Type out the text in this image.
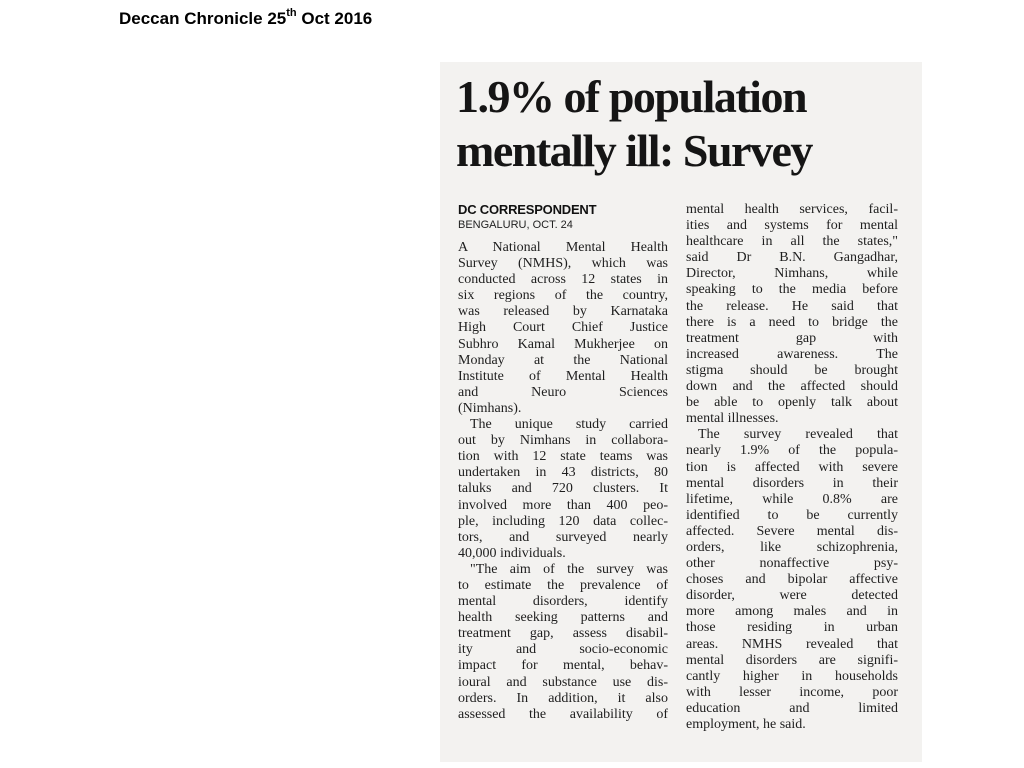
Deccan Chronicle 25th Oct 2016
1.9% of population
mentally ill: Survey
DC CORRESPONDENT
BENGALURU, OCT. 24
A National Mental Health
Survey (NMHS), which was
conducted across 12 states in
six regions of the country,
was released by Karnataka
High Court Chief Justice
Subhro Kamal Mukherjee on
Monday at the National
Institute of Mental Health
and Neuro Sciences
(Nimhans).
The unique study carried
out by Nimhans in collabora-
tion with 12 state teams was
undertaken in 43 districts, 80
taluks and 720 clusters. It
involved more than 400 peo-
ple, including 120 data collec-
tors, and surveyed nearly
40,000 individuals.
"The aim of the survey was
to estimate the prevalence of
mental disorders, identify
health seeking patterns and
treatment gap, assess disabil-
ity and socio-economic
impact for mental, behav-
ioural and substance use dis-
orders. In addition, it also
assessed the availability of
mental health services, facil-
ities and systems for mental
healthcare in all the states,"
said Dr B.N. Gangadhar,
Director, Nimhans, while
speaking to the media before
the release. He said that
there is a need to bridge the
treatment gap with
increased awareness. The
stigma should be brought
down and the affected should
be able to openly talk about
mental illnesses.
The survey revealed that
nearly 1.9% of the popula-
tion is affected with severe
mental disorders in their
lifetime, while 0.8% are
identified to be currently
affected. Severe mental dis-
orders, like schizophrenia,
other nonaffective psy-
choses and bipolar affective
disorder, were detected
more among males and in
those residing in urban
areas. NMHS revealed that
mental disorders are signifi-
cantly higher in households
with lesser income, poor
education and limited
employment, he said.
